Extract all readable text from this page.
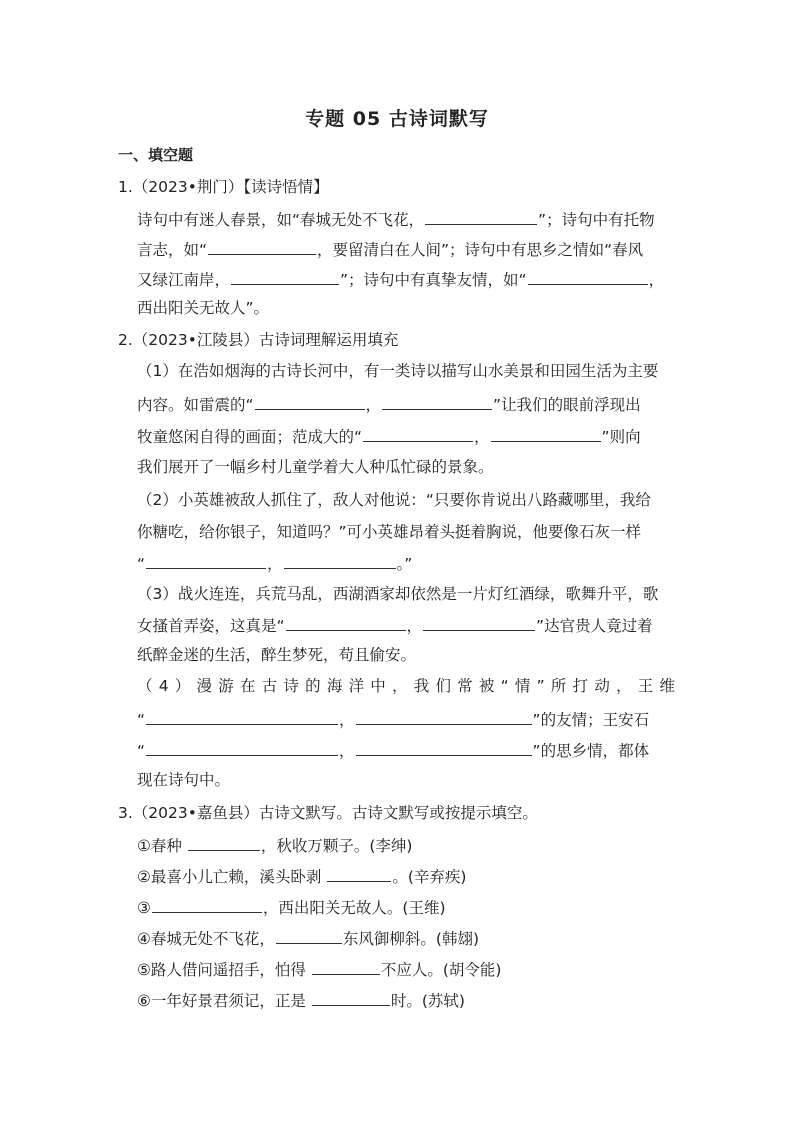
专题 05 古诗词默写
一、填空题
1.（2023•荆门）【读诗悟情】
诗句中有迷人春景，如“春城无处不飞花，	”；诗句中有托物
言志，如“	，要留清白在人间”；诗句中有思乡之情如“春风
又绿江南岸，	”；诗句中有真挚友情，如“	，
西出阳关无故人”。
2.（2023•江陵县）古诗词理解运用填充
（1）在浩如烟海的古诗长河中，有一类诗以描写山水美景和田园生活为主要
内容。如雷震的“	，	”让我们的眼前浮现出
牧童悠闲自得的画面；范成大的“	，	”则向
我们展开了一幅乡村儿童学着大人种瓜忙碌的景象。
（2）小英雄被敌人抓住了，敌人对他说：“只要你肯说出八路藏哪里，我给
你糖吃，给你银子，知道吗？”可小英雄昂着头挺着胸说，他要像石灰一样
“	，	。”
（3）战火连连，兵荒马乱，西湖酒家却依然是一片灯红酒绿，歌舞升平，歌
女搔首弄姿，这真是“	，	”达官贵人竟过着
纸醉金迷的生活，醉生梦死，苟且偷安。
（4）漫游在古诗的海洋中，我们常被“情”所打动，王维
“	，	”的友情；王安石
“	，	”的思乡情，都体
现在诗句中。
3.（2023•嘉鱼县）古诗文默写。古诗文默写或按提示填空。
①春种	，秋收万颗子。(李绅)
②最喜小儿亡赖，溪头卧剥	。(辛弃疾)
③	，西出阳关无故人。(王维)
④春城无处不飞花，	东风御柳斜。(韩翃)
⑤路人借问遥招手，怕得	不应人。(胡令能)
⑥一年好景君须记，正是	时。(苏轼)
